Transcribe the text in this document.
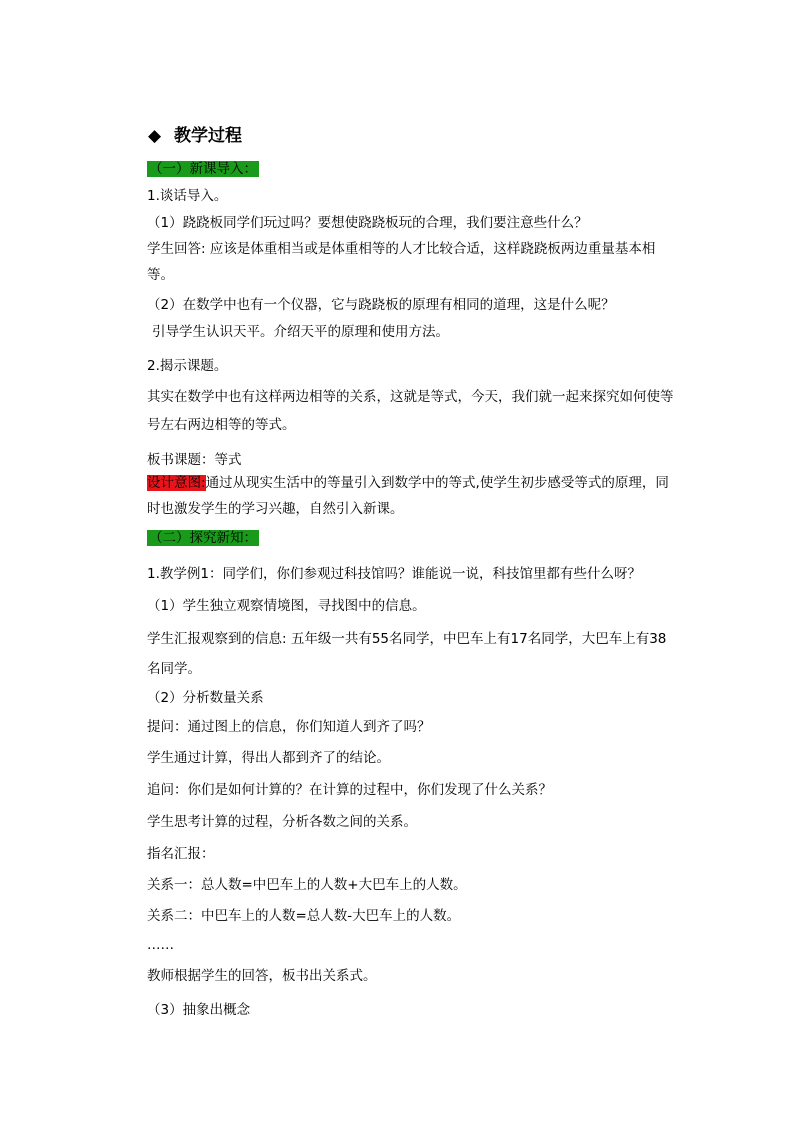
◆ 教学过程
（一）新课导入：
1.谈话导入。
（1）跷跷板同学们玩过吗？要想使跷跷板玩的合理，我们要注意些什么？
学生回答: 应该是体重相当或是体重相等的人才比较合适，这样跷跷板两边重量基本相等。
（2）在数学中也有一个仪器，它与跷跷板的原理有相同的道理，这是什么呢？
引导学生认识天平。介绍天平的原理和使用方法。
2.揭示课题。
其实在数学中也有这样两边相等的关系，这就是等式，今天，我们就一起来探究如何使等号左右两边相等的等式。
板书课题：等式
设计意图:通过从现实生活中的等量引入到数学中的等式,使学生初步感受等式的原理，同时也激发学生的学习兴趣，自然引入新课。
（二）探究新知：
1.教学例1：同学们，你们参观过科技馆吗？谁能说一说，科技馆里都有些什么呀？
（1）学生独立观察情境图，寻找图中的信息。
学生汇报观察到的信息: 五年级一共有55名同学，中巴车上有17名同学，大巴车上有38名同学。
（2）分析数量关系
提问：通过图上的信息，你们知道人到齐了吗？
学生通过计算，得出人都到齐了的结论。
追问：你们是如何计算的？在计算的过程中，你们发现了什么关系？
学生思考计算的过程，分析各数之间的关系。
指名汇报：
关系一：总人数=中巴车上的人数+大巴车上的人数。
关系二：中巴车上的人数=总人数-大巴车上的人数。
……
教师根据学生的回答，板书出关系式。
（3）抽象出概念
